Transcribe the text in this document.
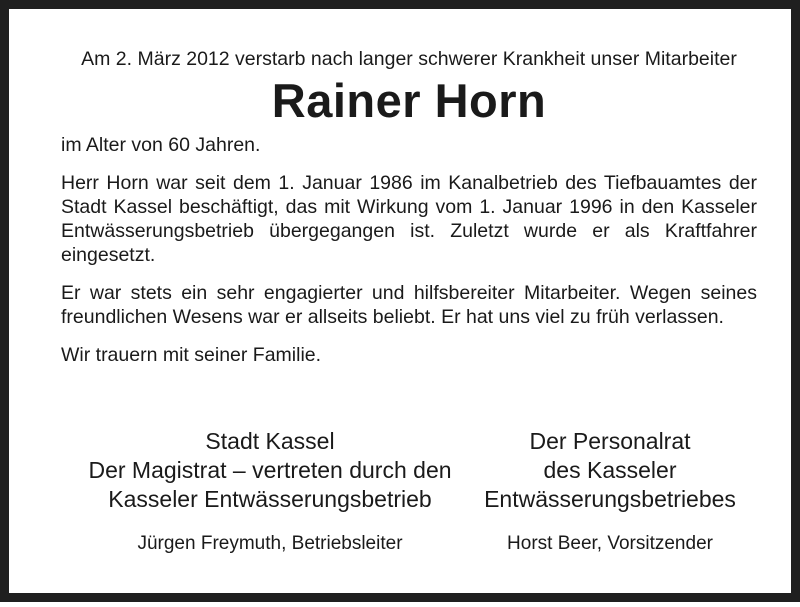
Am 2. März 2012 verstarb nach langer schwerer Krankheit unser Mitarbeiter

Rainer Horn

im Alter von 60 Jahren.

Herr Horn war seit dem 1. Januar 1986 im Kanalbetrieb des Tiefbauamtes der Stadt Kassel beschäftigt, das mit Wirkung vom 1. Januar 1996 in den Kasseler Entwässerungsbetrieb übergegangen ist. Zuletzt wurde er als Kraftfahrer eingesetzt.

Er war stets ein sehr engagierter und hilfsbereiter Mitarbeiter. Wegen seines freundlichen Wesens war er allseits beliebt. Er hat uns viel zu früh verlassen.

Wir trauern mit seiner Familie.

Stadt Kassel
Der Magistrat – vertreten durch den
Kasseler Entwässerungsbetrieb
Jürgen Freymuth, Betriebsleiter
Der Personalrat
des Kasseler
Entwässerungsbetriebes
Horst Beer, Vorsitzender
